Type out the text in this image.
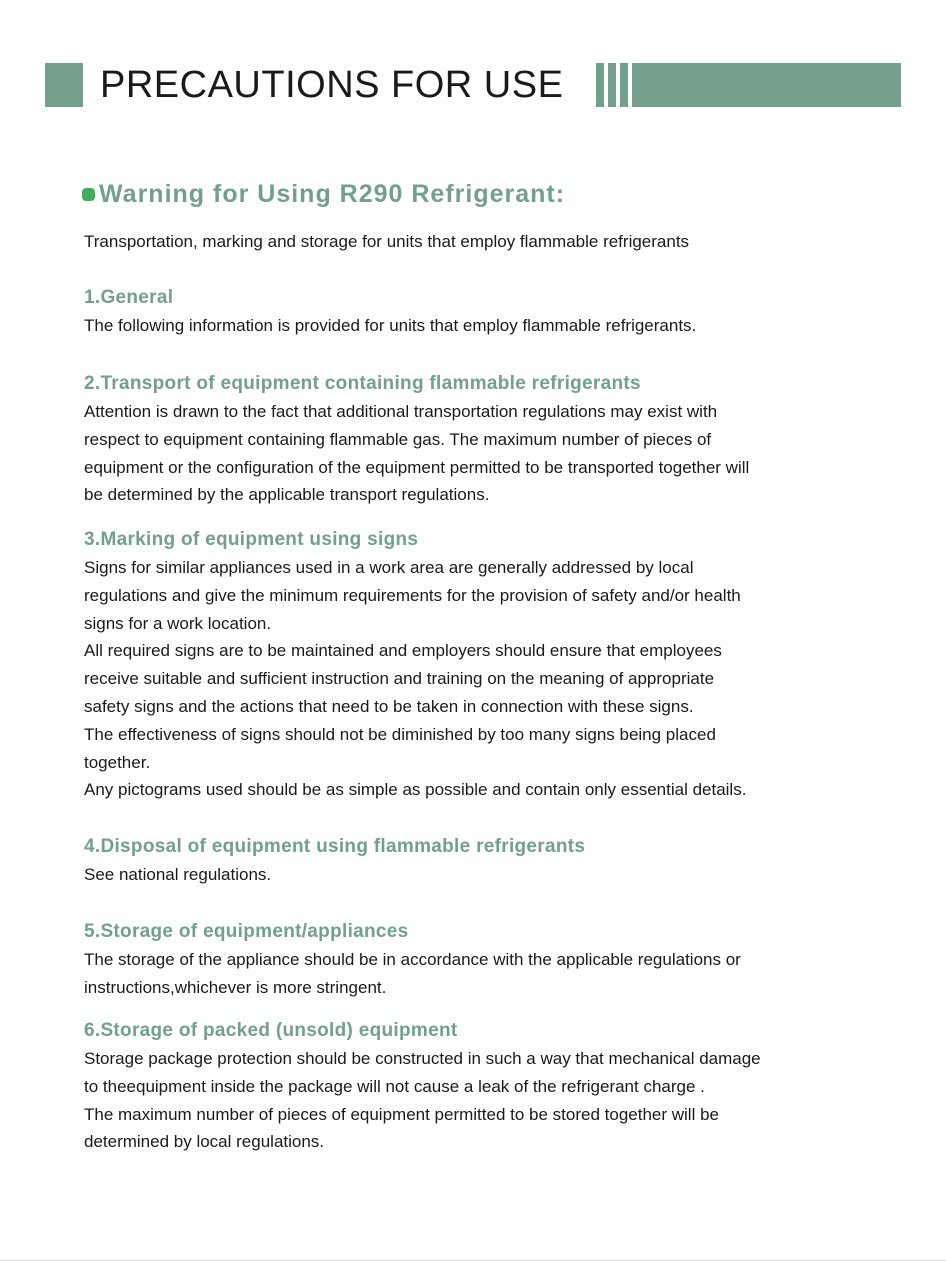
PRECAUTIONS FOR USE
Warning for Using R290 Refrigerant:

Transportation, marking and storage for units that employ flammable refrigerants

1.General

The following information is provided for units that employ flammable refrigerants.

2.Transport of equipment containing flammable refrigerants

Attention is drawn to the fact that additional transportation regulations may exist with
respect to equipment containing flammable gas. The maximum number of pieces of
equipment or the configuration of the equipment permitted to be transported together will
be determined by the applicable transport regulations.

3.Marking of equipment using signs

Signs for similar appliances used in a work area are generally addressed by local
regulations and give the minimum requirements for the provision of safety and/or health
signs for a work location.
All required signs are to be maintained and employers should ensure that employees
receive suitable and sufficient instruction and training on the meaning of appropriate
safety signs and the actions that need to be taken in connection with these signs.
The effectiveness of signs should not be diminished by too many signs being placed
together.
Any pictograms used should be as simple as possible and contain only essential details.

4.Disposal of equipment using flammable refrigerants

See national regulations.

5.Storage of equipment/appliances

The storage of the appliance should be in accordance with the applicable regulations or
instructions,whichever is more stringent.

6.Storage of packed (unsold) equipment

Storage package protection should be constructed in such a way that mechanical damage
to theequipment inside the package will not cause a leak of the refrigerant charge .
The maximum number of pieces of equipment permitted to be stored together will be
determined by local regulations.
